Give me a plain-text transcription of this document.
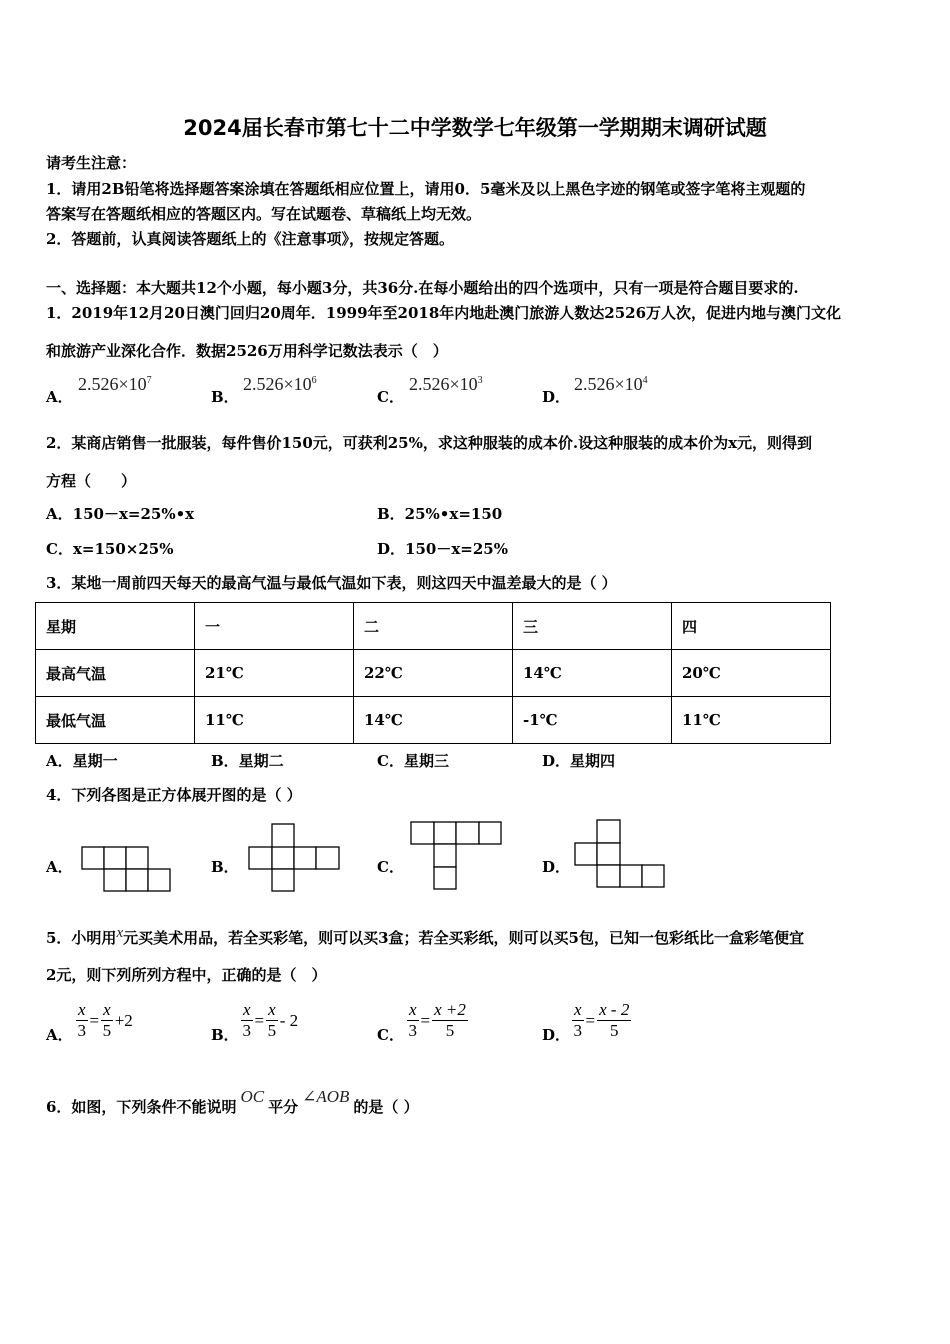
2024届长春市第七十二中学数学七年级第一学期期末调研试题
请考生注意：
1．请用2B铅笔将选择题答案涂填在答题纸相应位置上，请用0．5毫米及以上黑色字迹的钢笔或签字笔将主观题的
答案写在答题纸相应的答题区内。写在试题卷、草稿纸上均无效。
2．答题前，认真阅读答题纸上的《注意事项》，按规定答题。
一、选择题：本大题共12个小题，每小题3分，共36分.在每小题给出的四个选项中，只有一项是符合题目要求的.
1．2019年12月20日澳门回归20周年．1999年至2018年内地赴澳门旅游人数达2526万人次，促进内地与澳门文化
和旅游产业深化合作．数据2526万用科学记数法表示（　）
A．
$2.526\times 10^7$
B．
$2.526\times 10^6$
C．
$2.526\times 10^3$
D．
$2.526\times 10^4$
2．某商店销售一批服装，每件售价150元，可获利25%，求这种服装的成本价.设这种服装的成本价为x元，则得到
方程（　　）
A．150－x=25%•x	B．25%•x=150
C．x=150×25%	D．150－x=25%
3．某地一周前四天每天的最高气温与最低气温如下表，则这四天中温差最大的是（ ）
星期	一	二	三	四
最高气温	21℃	22℃	14℃	20℃
最低气温	11℃	14℃	-1℃	11℃
A．星期一	B．星期二	C．星期三	D．星期四
4．下列各图是正方体展开图的是（ ）
A．	B．	C．	D．
5．小明用x元买美术用品，若全买彩笔，则可以买3盒；若全买彩纸，则可以买5包，已知一包彩纸比一盒彩笔便宜
2元，则下列所列方程中，正确的是（　）
A． $\frac{x}{3} = \frac{x}{5} +2$
B． $\frac{x}{3} = \frac{x}{5} - 2$
C． $\frac{x}{3} = \frac{x +2}{5}$	D． $\frac{x}{3} = \frac{x - 2}{5}$
6．如图，下列条件不能说明OC平分∠AOB的是（ ）
